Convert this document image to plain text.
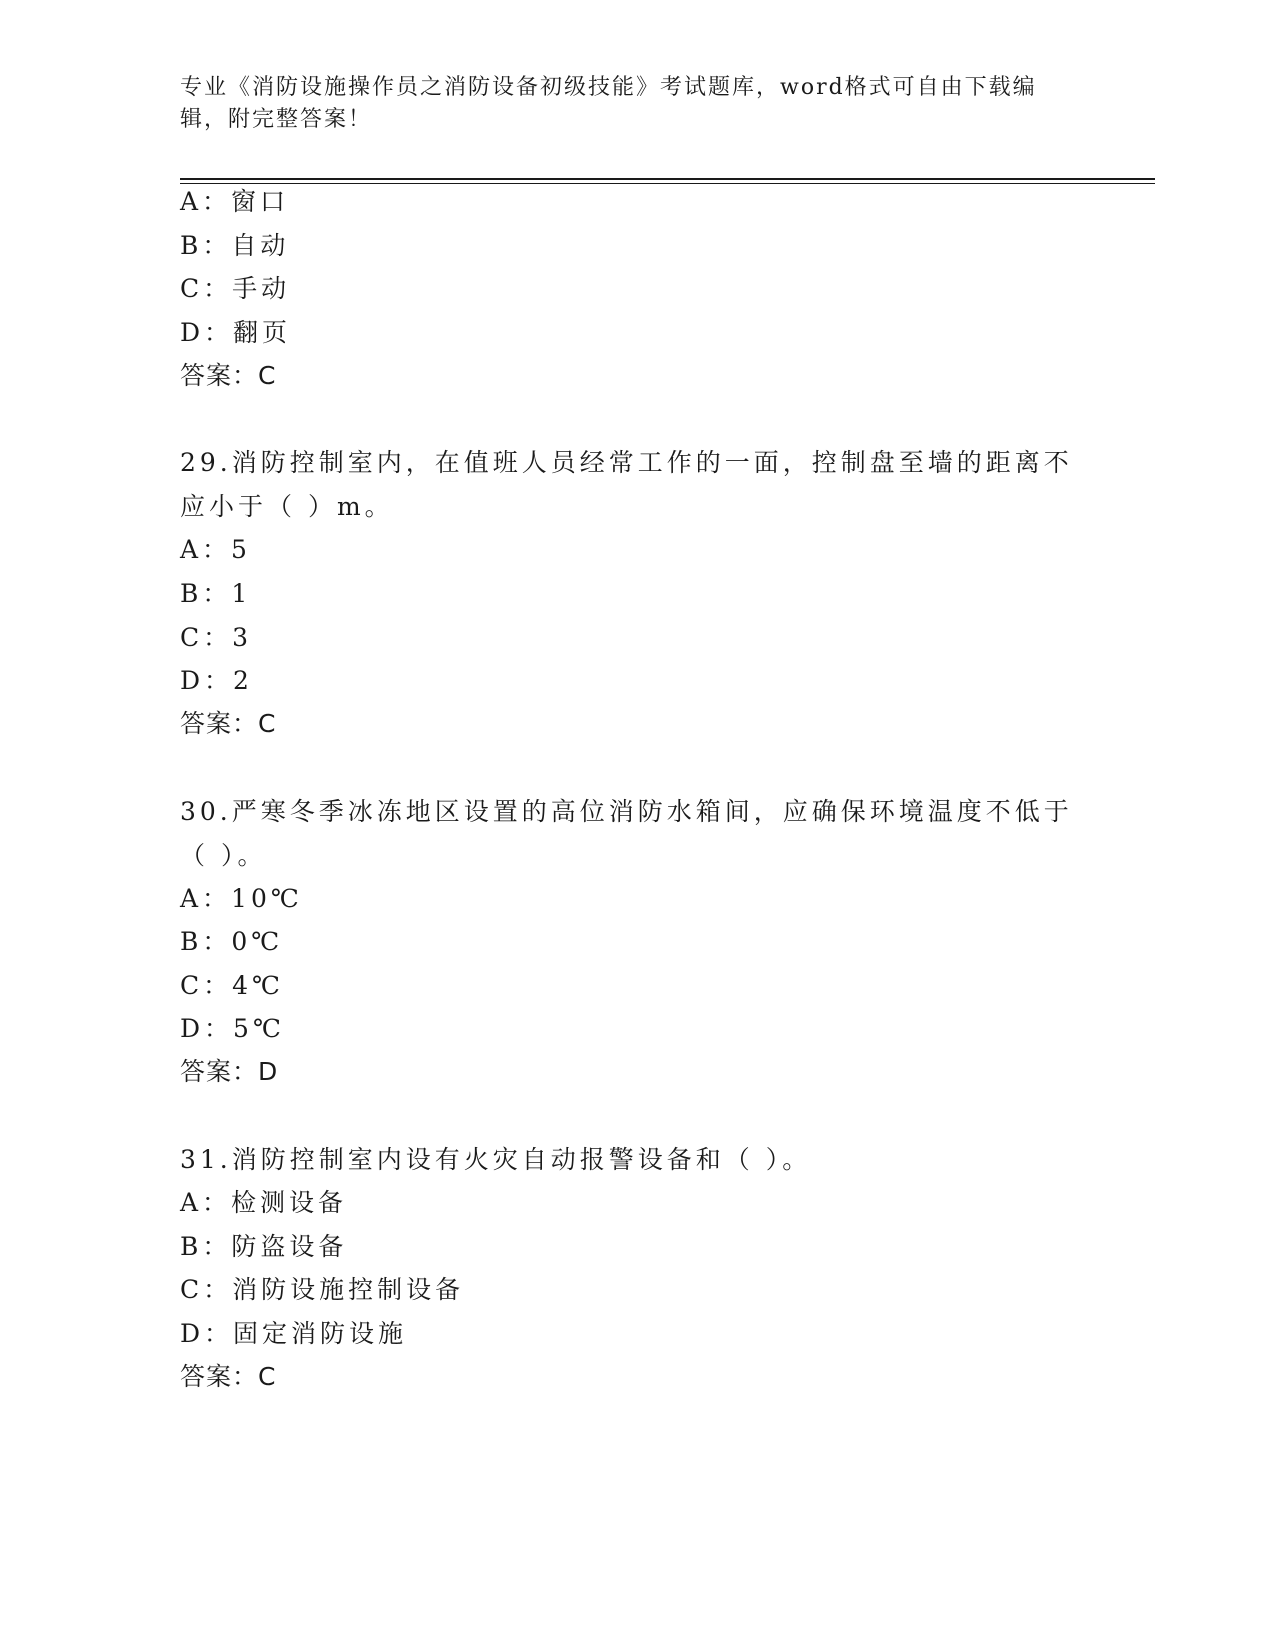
专业《消防设施操作员之消防设备初级技能》考试题库，word格式可自由下载编
辑，附完整答案！
A：窗口
B：自动
C：手动
D：翻页
答案：C
29.消防控制室内，在值班人员经常工作的一面，控制盘至墙的距离不
应小于（ ）m。
A：5
B：1
C：3
D：2
答案：C
30.严寒冬季冰冻地区设置的高位消防水箱间，应确保环境温度不低于
（ ）。
A：10℃
B：0℃
C：4℃
D：5℃
答案：D
31.消防控制室内设有火灾自动报警设备和（ ）。
A：检测设备
B：防盗设备
C：消防设施控制设备
D：固定消防设施
答案：C
